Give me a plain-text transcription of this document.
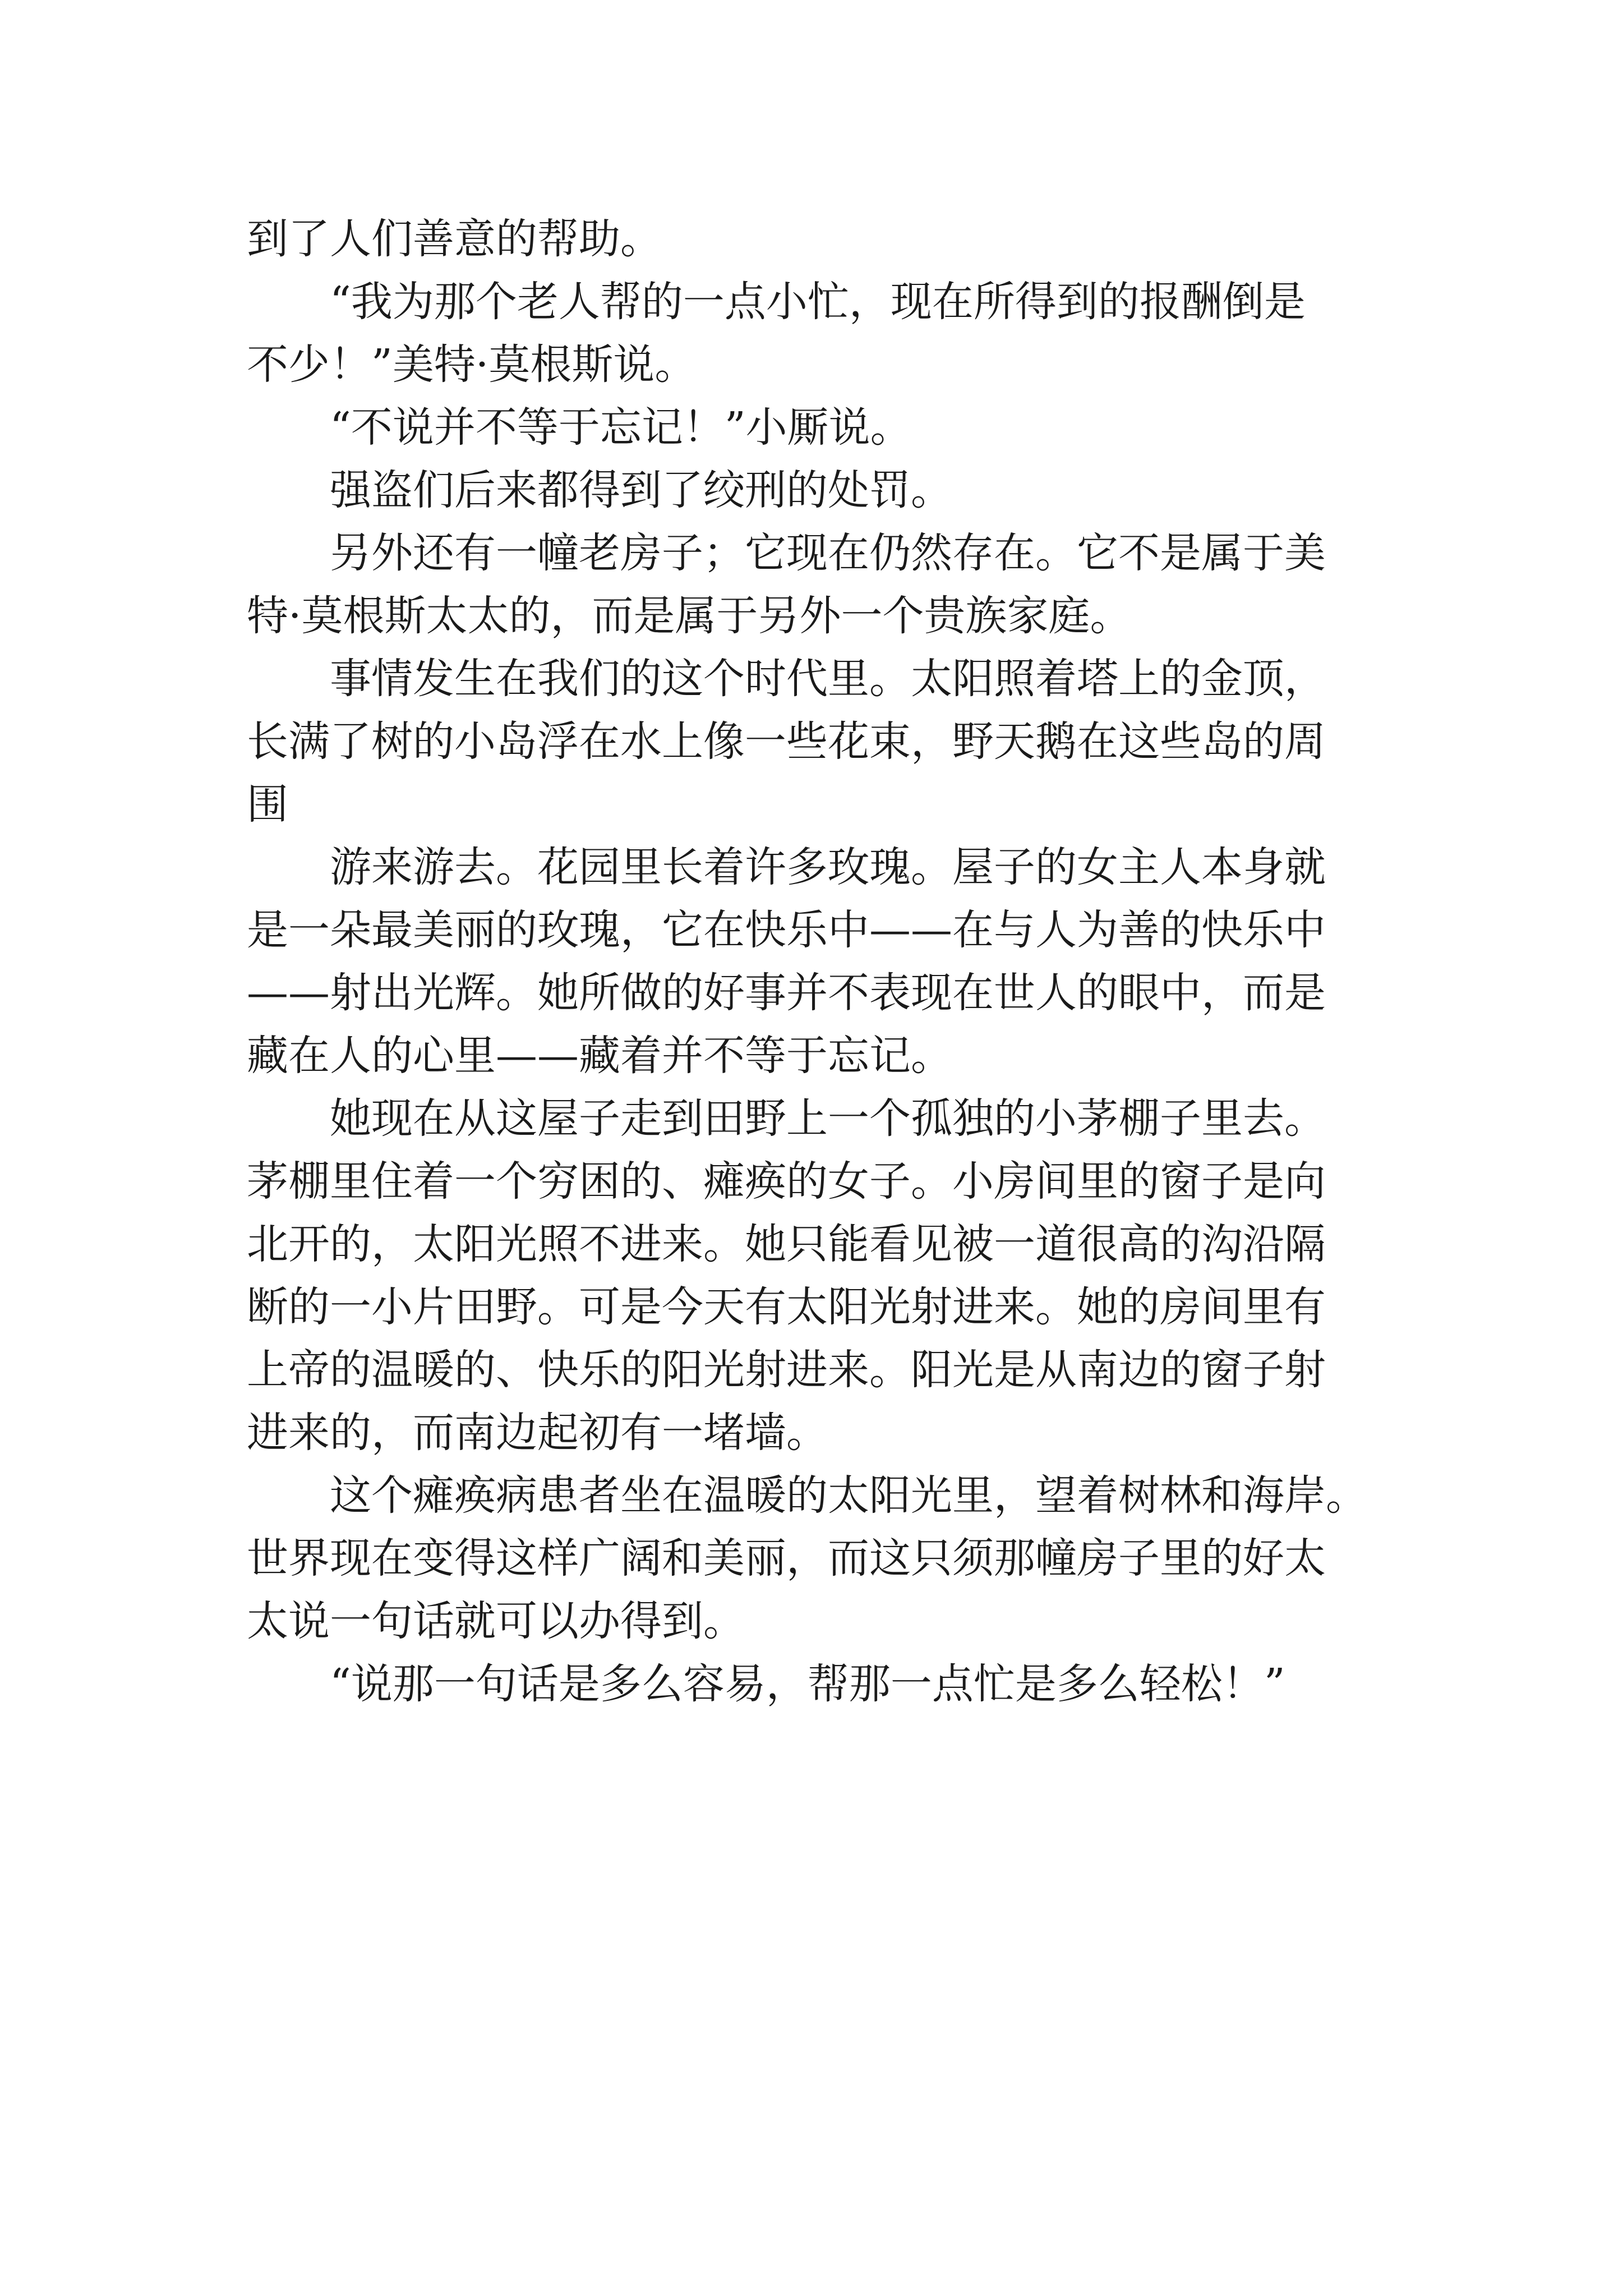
到了人们善意的帮助。
　　“我为那个老人帮的一点小忙，现在所得到的报酬倒是
不少！”美特·莫根斯说。
　　“不说并不等于忘记！”小厮说。
　　强盗们后来都得到了绞刑的处罚。
　　另外还有一幢老房子；它现在仍然存在。它不是属于美
特·莫根斯太太的，而是属于另外一个贵族家庭。
　　事情发生在我们的这个时代里。太阳照着塔上的金顶，
长满了树的小岛浮在水上像一些花束，野天鹅在这些岛的周
围
　　游来游去。花园里长着许多玫瑰。屋子的女主人本身就
是一朵最美丽的玫瑰，它在快乐中——在与人为善的快乐中
——射出光辉。她所做的好事并不表现在世人的眼中，而是
藏在人的心里——藏着并不等于忘记。
　　她现在从这屋子走到田野上一个孤独的小茅棚子里去。
茅棚里住着一个穷困的、瘫痪的女子。小房间里的窗子是向
北开的，太阳光照不进来。她只能看见被一道很高的沟沿隔
断的一小片田野。可是今天有太阳光射进来。她的房间里有
上帝的温暖的、快乐的阳光射进来。阳光是从南边的窗子射
进来的，而南边起初有一堵墙。
　　这个瘫痪病患者坐在温暖的太阳光里，望着树林和海岸。
世界现在变得这样广阔和美丽，而这只须那幢房子里的好太
太说一句话就可以办得到。
　　“说那一句话是多么容易，帮那一点忙是多么轻松！”
